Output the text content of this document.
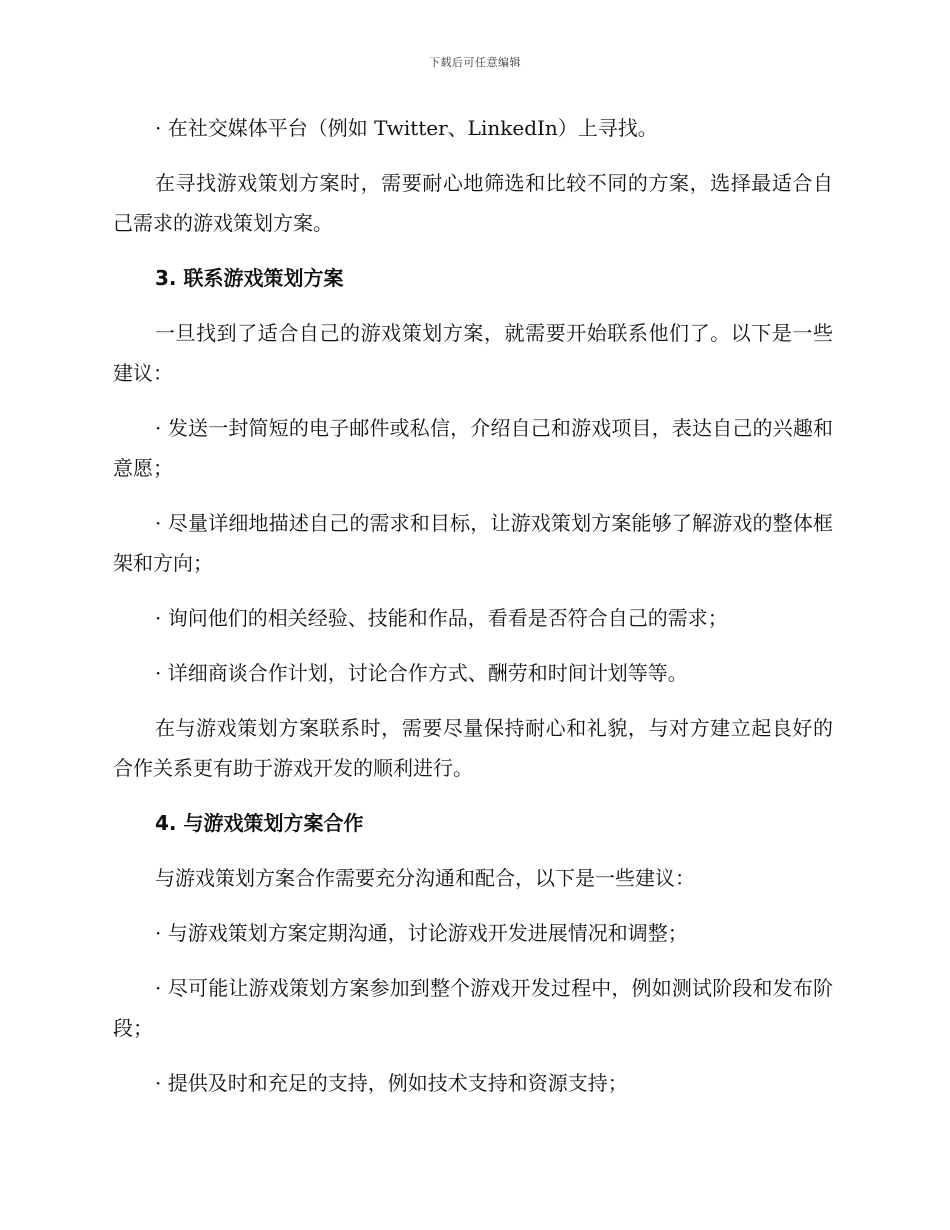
下载后可任意编辑

· 在社交媒体平台（例如 Twitter、LinkedIn）上寻找。

在寻找游戏策划方案时，需要耐心地筛选和比较不同的方案，选择最适合自己需求的游戏策划方案。

3. 联系游戏策划方案

一旦找到了适合自己的游戏策划方案，就需要开始联系他们了。以下是一些建议：

· 发送一封简短的电子邮件或私信，介绍自己和游戏项目，表达自己的兴趣和意愿；

· 尽量详细地描述自己的需求和目标，让游戏策划方案能够了解游戏的整体框架和方向；

· 询问他们的相关经验、技能和作品，看看是否符合自己的需求；

· 详细商谈合作计划，讨论合作方式、酬劳和时间计划等等。

在与游戏策划方案联系时，需要尽量保持耐心和礼貌，与对方建立起良好的合作关系更有助于游戏开发的顺利进行。

4. 与游戏策划方案合作

与游戏策划方案合作需要充分沟通和配合，以下是一些建议：

· 与游戏策划方案定期沟通，讨论游戏开发进展情况和调整；

· 尽可能让游戏策划方案参加到整个游戏开发过程中，例如测试阶段和发布阶段；

· 提供及时和充足的支持，例如技术支持和资源支持；
